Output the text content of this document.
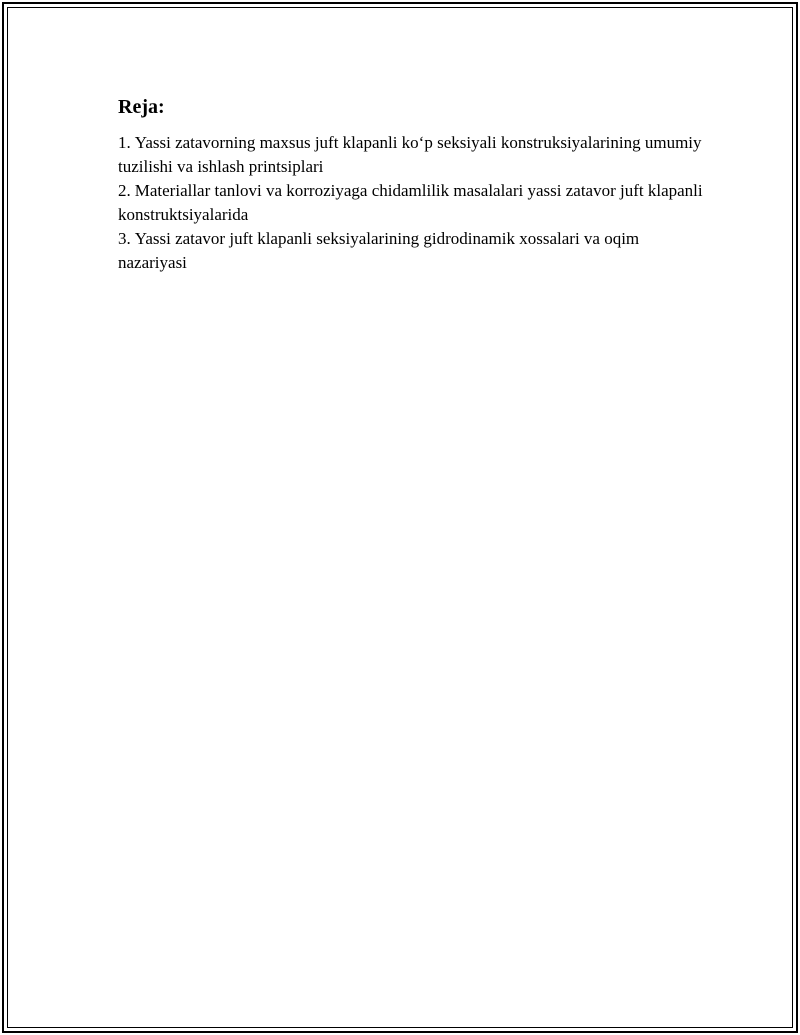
Reja:
1. Yassi zatavorning maxsus juft klapanli ko‘p seksiyali konstruksiyalarining umumiy tuzilishi va ishlash printsiplari
2. Materiallar tanlovi va korroziyaga chidamlilik masalalari yassi zatavor juft klapanli konstruktsiyalarida
3. Yassi zatavor juft klapanli seksiyalarining gidrodinamik xossalari va oqim nazariyasi
